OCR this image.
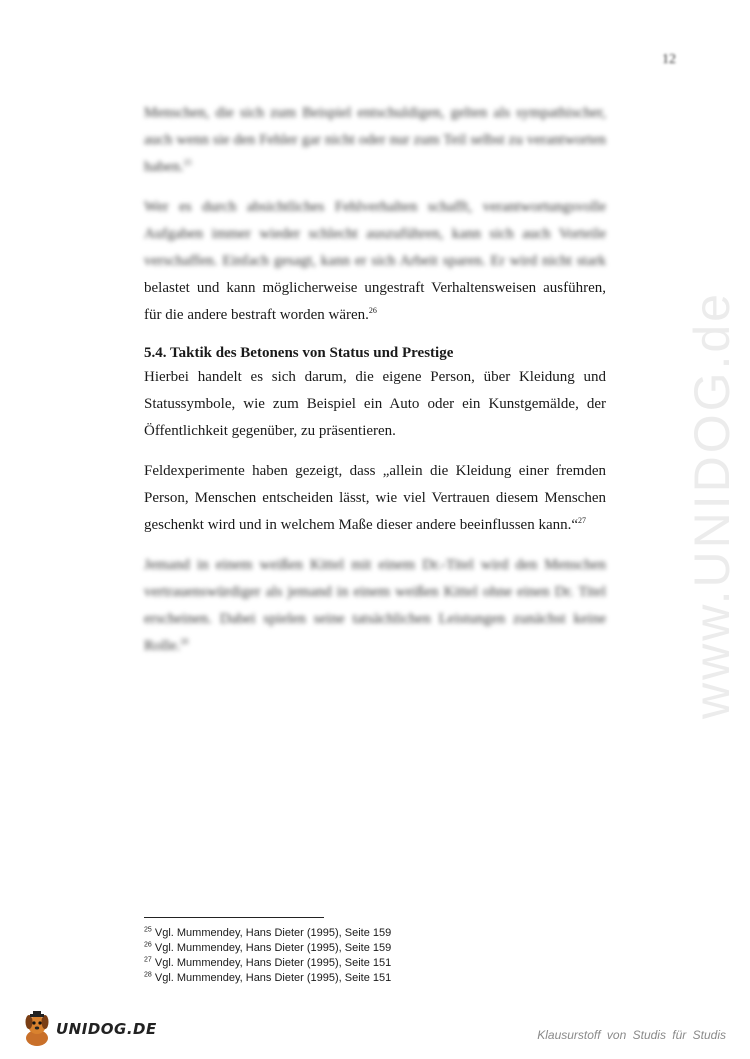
12
www.UNIDOG.de

Menschen, die sich zum Beispiel entschuldigen, gelten als sympathischer, auch wenn sie den Fehler gar nicht oder nur zum Teil selbst zu verantworten haben.$^{25}$

Wer es durch absichtliches Fehlverhalten schafft, verantwortungsvolle Aufgaben immer wieder schlecht auszuführen, kann sich auch Vorteile verschaffen. Einfach gesagt, kann er sich Arbeit sparen. Er wird nicht stark belastet und kann möglicherweise ungestraft Verhaltensweisen ausführen, für die andere bestraft worden wären.$^{26}$

5.4. Taktik des Betonens von Status und Prestige

Hierbei handelt es sich darum, die eigene Person, über Kleidung und Statussymbole, wie zum Beispiel ein Auto oder ein Kunstgemälde, der Öffentlichkeit gegenüber, zu präsentieren.

Feldexperimente haben gezeigt, dass „allein die Kleidung einer fremden Person, Menschen entscheiden lässt, wie viel Vertrauen diesem Menschen geschenkt wird und in welchem Maße dieser andere beeinflussen kann.“$^{27}$

Jemand in einem weißen Kittel mit einem Dr.-Titel wird den Menschen vertrauenswürdiger als jemand in einem weißen Kittel ohne einen Dr. Titel erscheinen. Dabei spielen seine tatsächlichen Leistungen zunächst keine Rolle.$^{28}$

$^{25}$ Vgl. Mummendey, Hans Dieter (1995), Seite 159
$^{26}$ Vgl. Mummendey, Hans Dieter (1995), Seite 159
$^{27}$ Vgl. Mummendey, Hans Dieter (1995), Seite 151
$^{28}$ Vgl. Mummendey, Hans Dieter (1995), Seite 151
UNIDOG.DE	Klausurstoff von Studis für Studis
